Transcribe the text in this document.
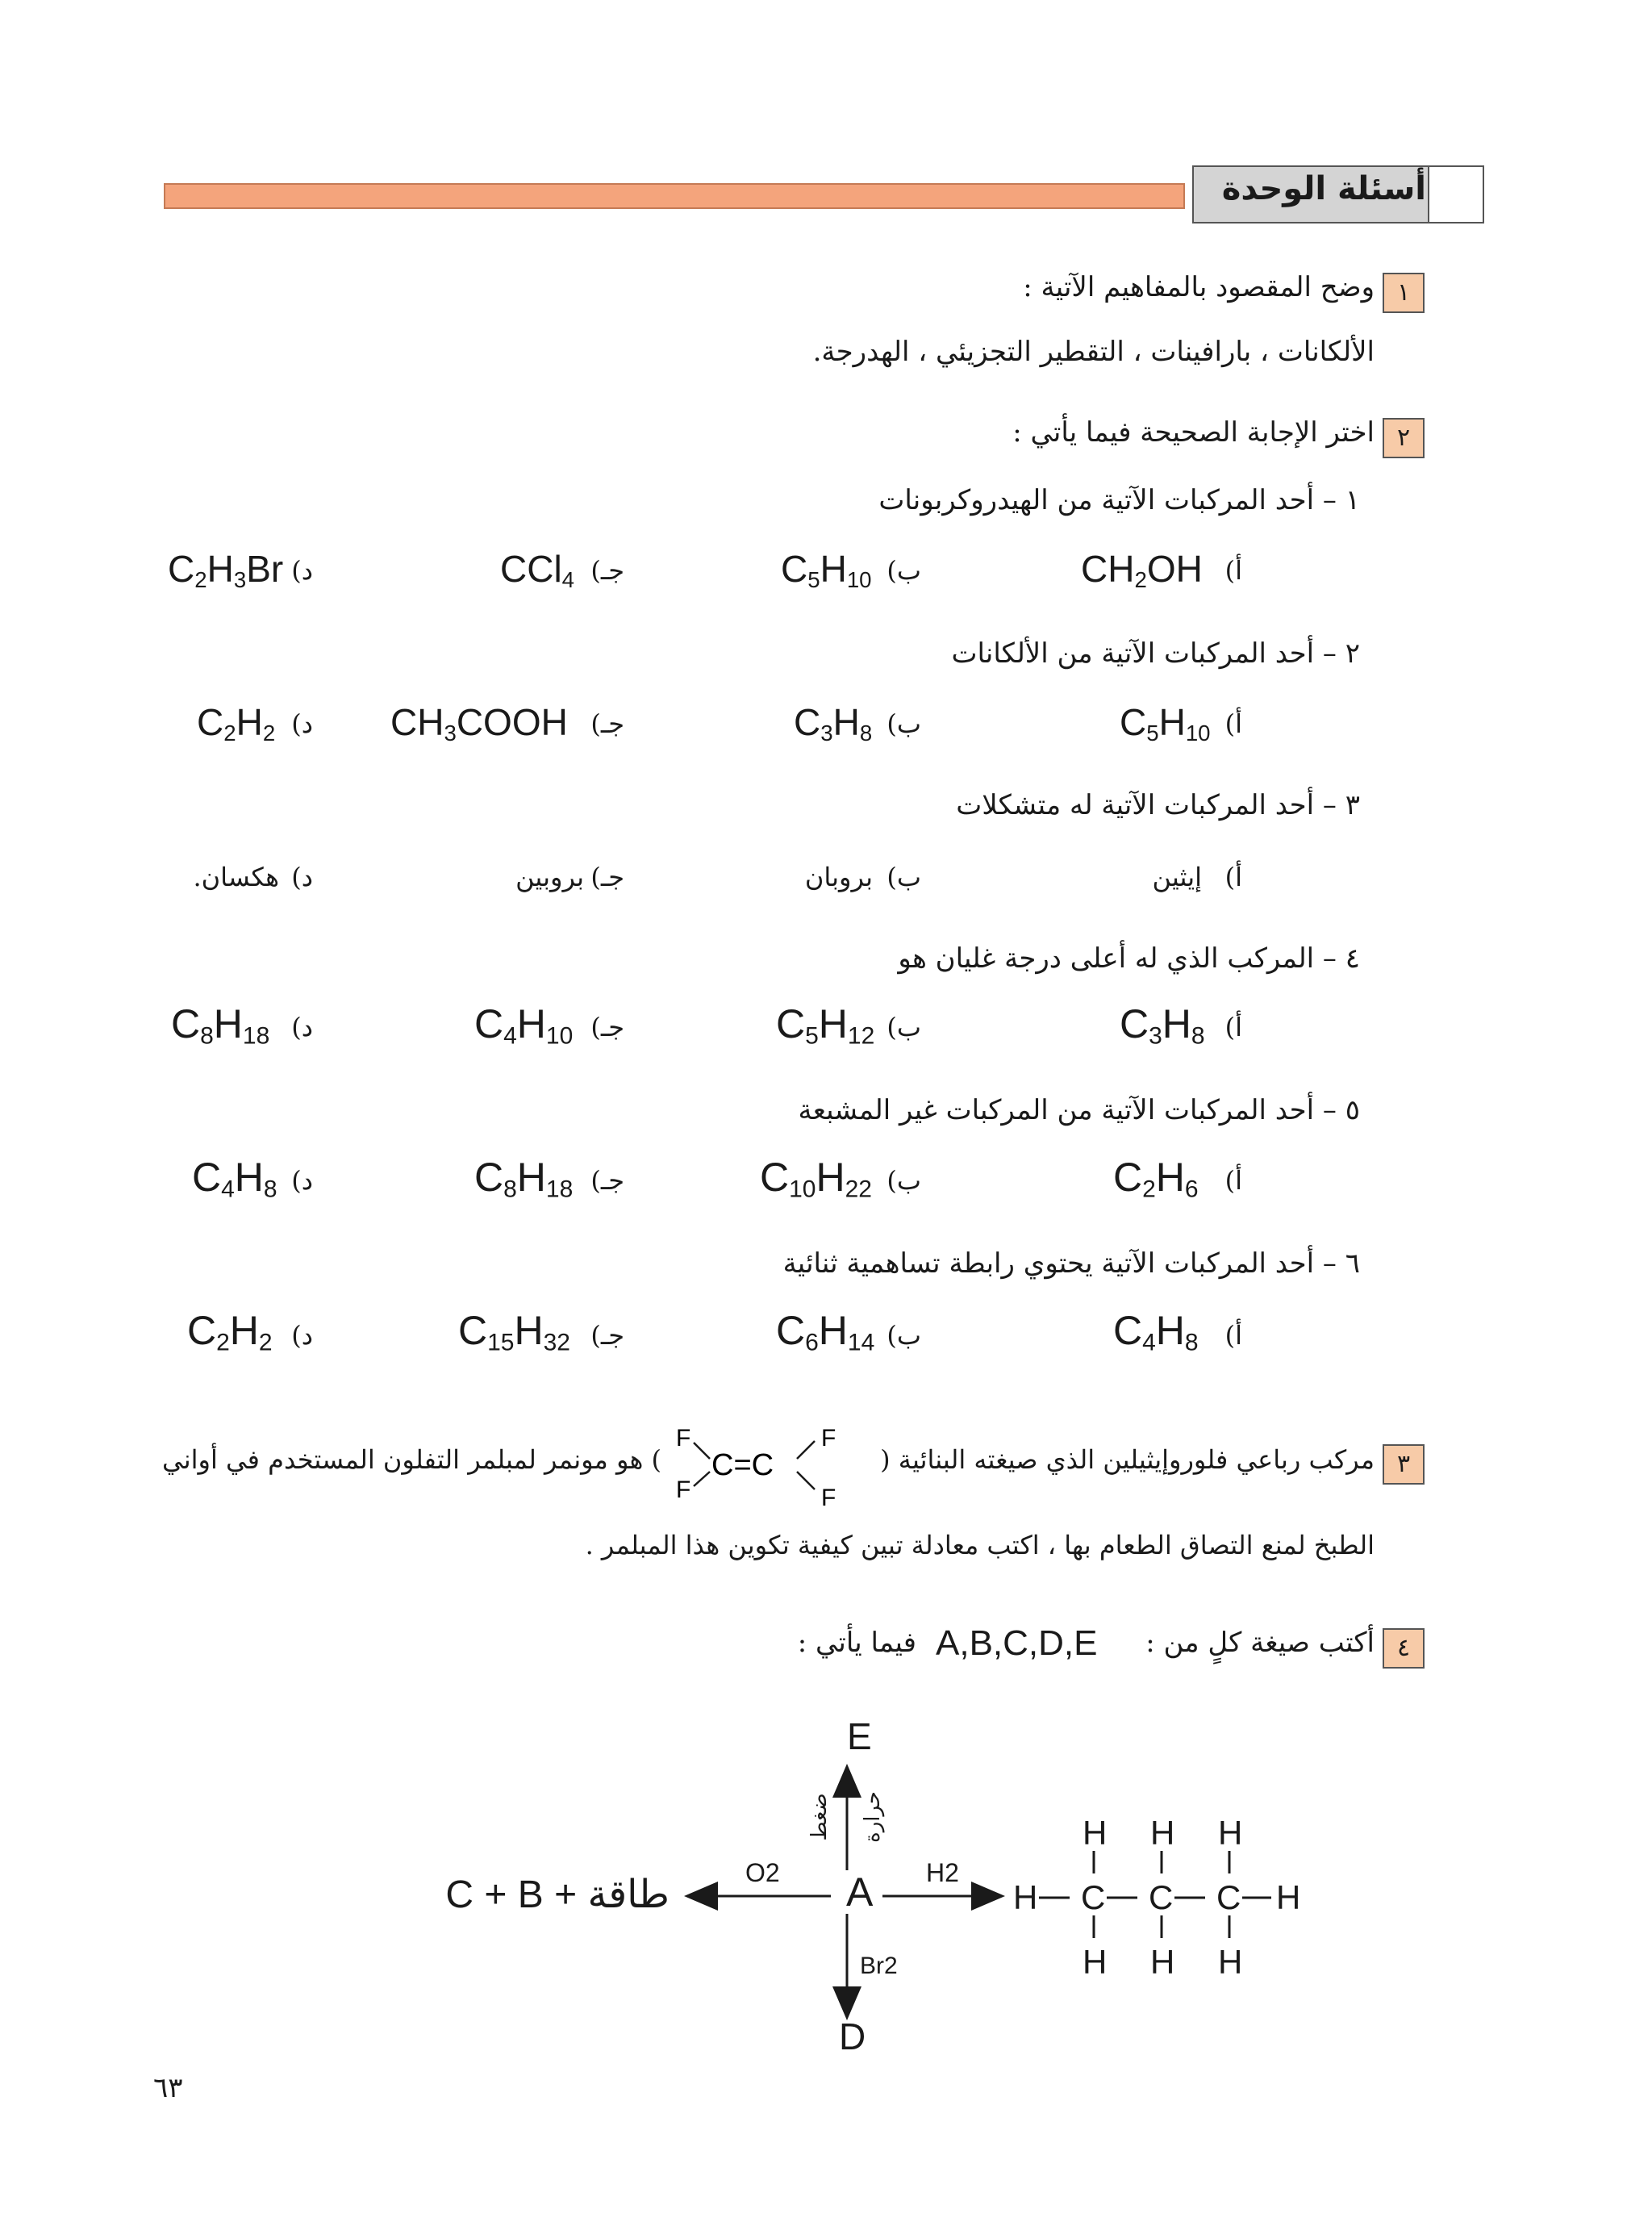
أسئلة الوحدة
١
وضح المقصود بالمفاهيم الآتية :
الألكانات ، بارافينات ، التقطير التجزيئي ، الهدرجة.
٢
اختر الإجابة الصحيحة فيما يأتي :
١ – أحد المركبات الآتية من الهيدروكربونات
أ)
$CH_2OH$
ب)
$C_5H_{10}$
جـ)
CCl$_4$
د)
$C_2H_3Br$
٢ – أحد المركبات الآتية من الألكانات
أ)
$C_5H_{10}$
ب)
$C_3H_8$
جـ)
$CH_3COOH$
د)
$C_2H_2$
٣ – أحد المركبات الآتية له متشكلات
أ)
إيثين
ب)
بروبان
جـ)
بروبين
د)
هكسان.
٤ – المركب الذي له أعلى درجة غليان هو
أ)
$C_3H_8$
ب)
$C_5H_{12}$
جـ)
$C_4H_{10}$
د)
$C_8H_{18}$
٥ – أحد المركبات الآتية من المركبات غير المشبعة
أ)
$C_2H_6$
ب)
$C_{10}H_{22}$
جـ)
$C_8H_{18}$
د)
$C_4H_8$
٦ – أحد المركبات الآتية يحتوي رابطة تساهمية ثنائية
أ)
$C_4H_8$
ب)
$C_6H_{14}$
جـ)
$C_{15}H_{32}$
د)
$C_2H_2$
٣
مركب رباعي فلوروإيثيلين الذي صيغته البنائية (
) هو مونمر لمبلمر التفلون المستخدم في أواني
F
F
C=C
F
F
الطبخ لمنع التصاق الطعام بها ، اكتب معادلة تبين كيفية تكوين هذا المبلمر .
٤
أكتب صيغة كلٍ من :
A,B,C,D,E
فيما يأتي :
A
E
ضغط حرارة
D
Br2
O2
C + B + طاقة
H2
H C C C H
H H H
H H H
٦٣
